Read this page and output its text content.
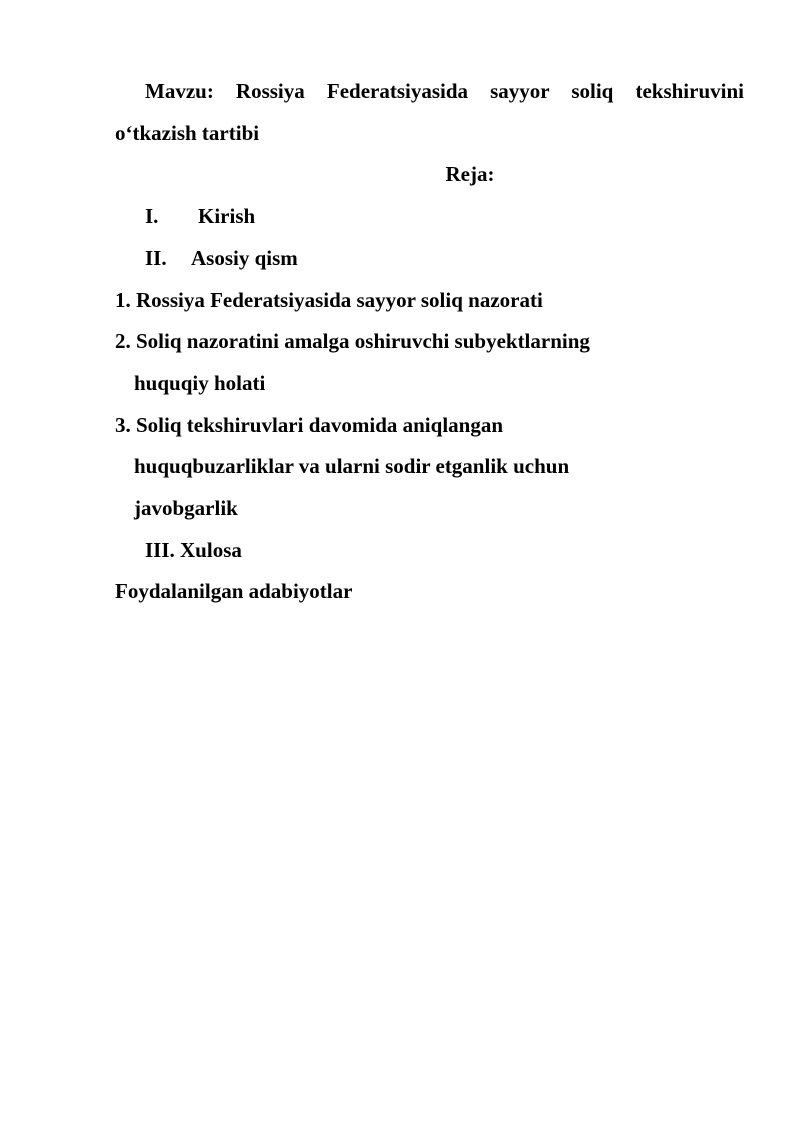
Mavzu: Rossiya Federatsiyasida sayyor soliq tekshiruvini
o‘tkazish tartibi
Reja:
I. Kirish
II. Asosiy qism
1. Rossiya Federatsiyasida sayyor soliq nazorati
2. Soliq nazoratini amalga oshiruvchi subyektlarning
huquqiy holati
3. Soliq tekshiruvlari davomida aniqlangan
huquqbuzarliklar va ularni sodir etganlik uchun
javobgarlik
III. Xulosa
Foydalanilgan adabiyotlar
